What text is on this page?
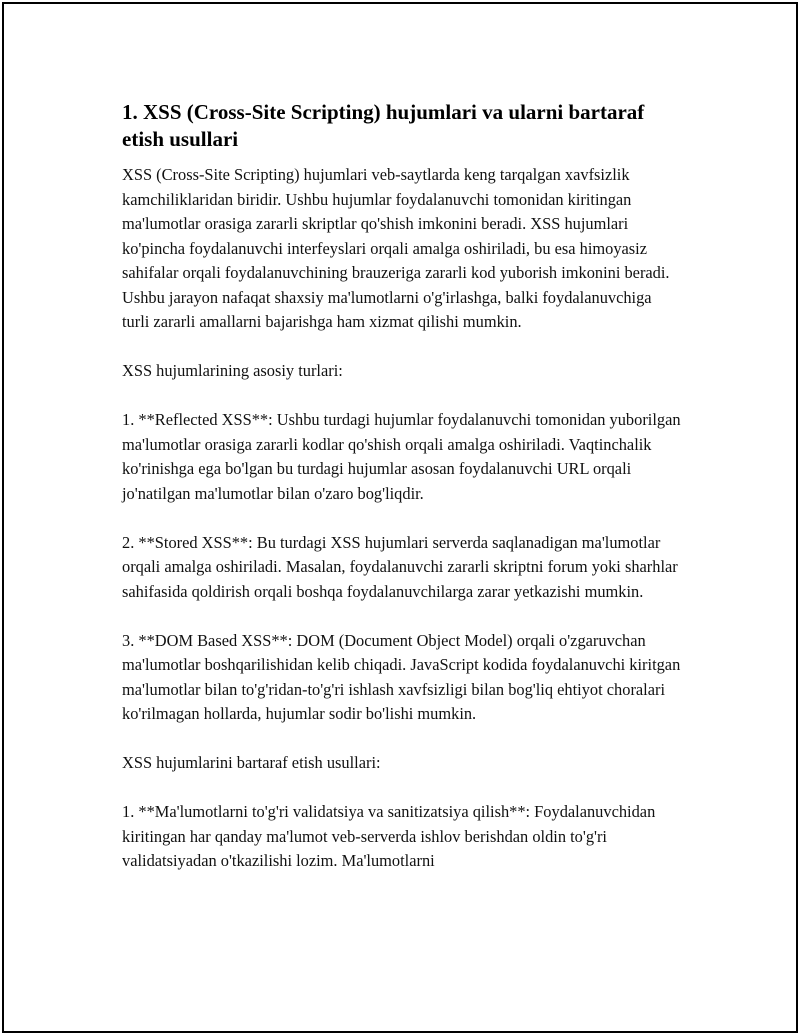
1. XSS (Cross-Site Scripting) hujumlari va ularni bartaraf etish usullari

XSS (Cross-Site Scripting) hujumlari veb-saytlarda keng tarqalgan xavfsizlik kamchiliklaridan biridir. Ushbu hujumlar foydalanuvchi tomonidan kiritingan ma'lumotlar orasiga zararli skriptlar qo'shish imkonini beradi. XSS hujumlari ko'pincha foydalanuvchi interfeyslari orqali amalga oshiriladi, bu esa himoyasiz sahifalar orqali foydalanuvchining brauzeriga zararli kod yuborish imkonini beradi. Ushbu jarayon nafaqat shaxsiy ma'lumotlarni o'g'irlashga, balki foydalanuvchiga turli zararli amallarni bajarishga ham xizmat qilishi mumkin.

XSS hujumlarining asosiy turlari:

1. **Reflected XSS**: Ushbu turdagi hujumlar foydalanuvchi tomonidan yuborilgan ma'lumotlar orasiga zararli kodlar qo'shish orqali amalga oshiriladi. Vaqtinchalik ko'rinishga ega bo'lgan bu turdagi hujumlar asosan foydalanuvchi URL orqali jo'natilgan ma'lumotlar bilan o'zaro bog'liqdir.

2. **Stored XSS**: Bu turdagi XSS hujumlari serverda saqlanadigan ma'lumotlar orqali amalga oshiriladi. Masalan, foydalanuvchi zararli skriptni forum yoki sharhlar sahifasida qoldirish orqali boshqa foydalanuvchilarga zarar yetkazishi mumkin.

3. **DOM Based XSS**: DOM (Document Object Model) orqali o'zgaruvchan ma'lumotlar boshqarilishidan kelib chiqadi. JavaScript kodida foydalanuvchi kiritgan ma'lumotlar bilan to'g'ridan-to'g'ri ishlash xavfsizligi bilan bog'liq ehtiyot choralari ko'rilmagan hollarda, hujumlar sodir bo'lishi mumkin.

XSS hujumlarini bartaraf etish usullari:

1. **Ma'lumotlarni to'g'ri validatsiya va sanitizatsiya qilish**: Foydalanuvchidan kiritingan har qanday ma'lumot veb-serverda ishlov berishdan oldin to'g'ri validatsiyadan o'tkazilishi lozim. Ma'lumotlarni
